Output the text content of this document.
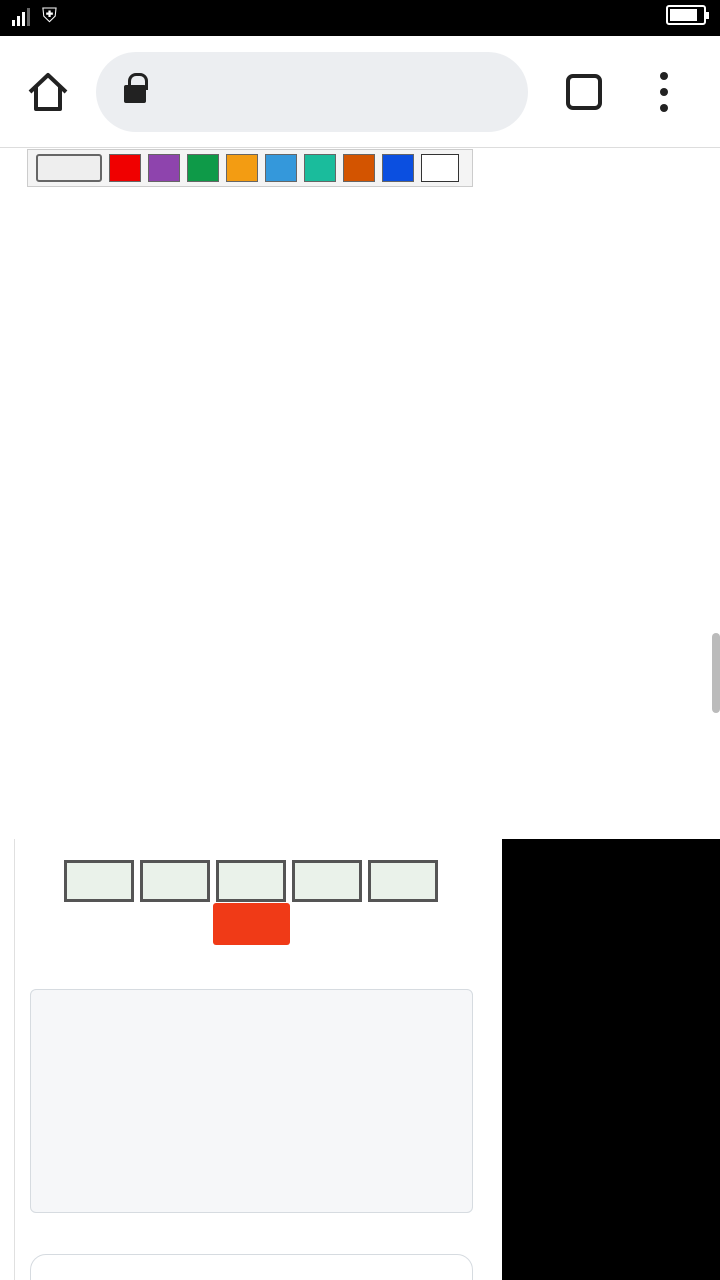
⛨
